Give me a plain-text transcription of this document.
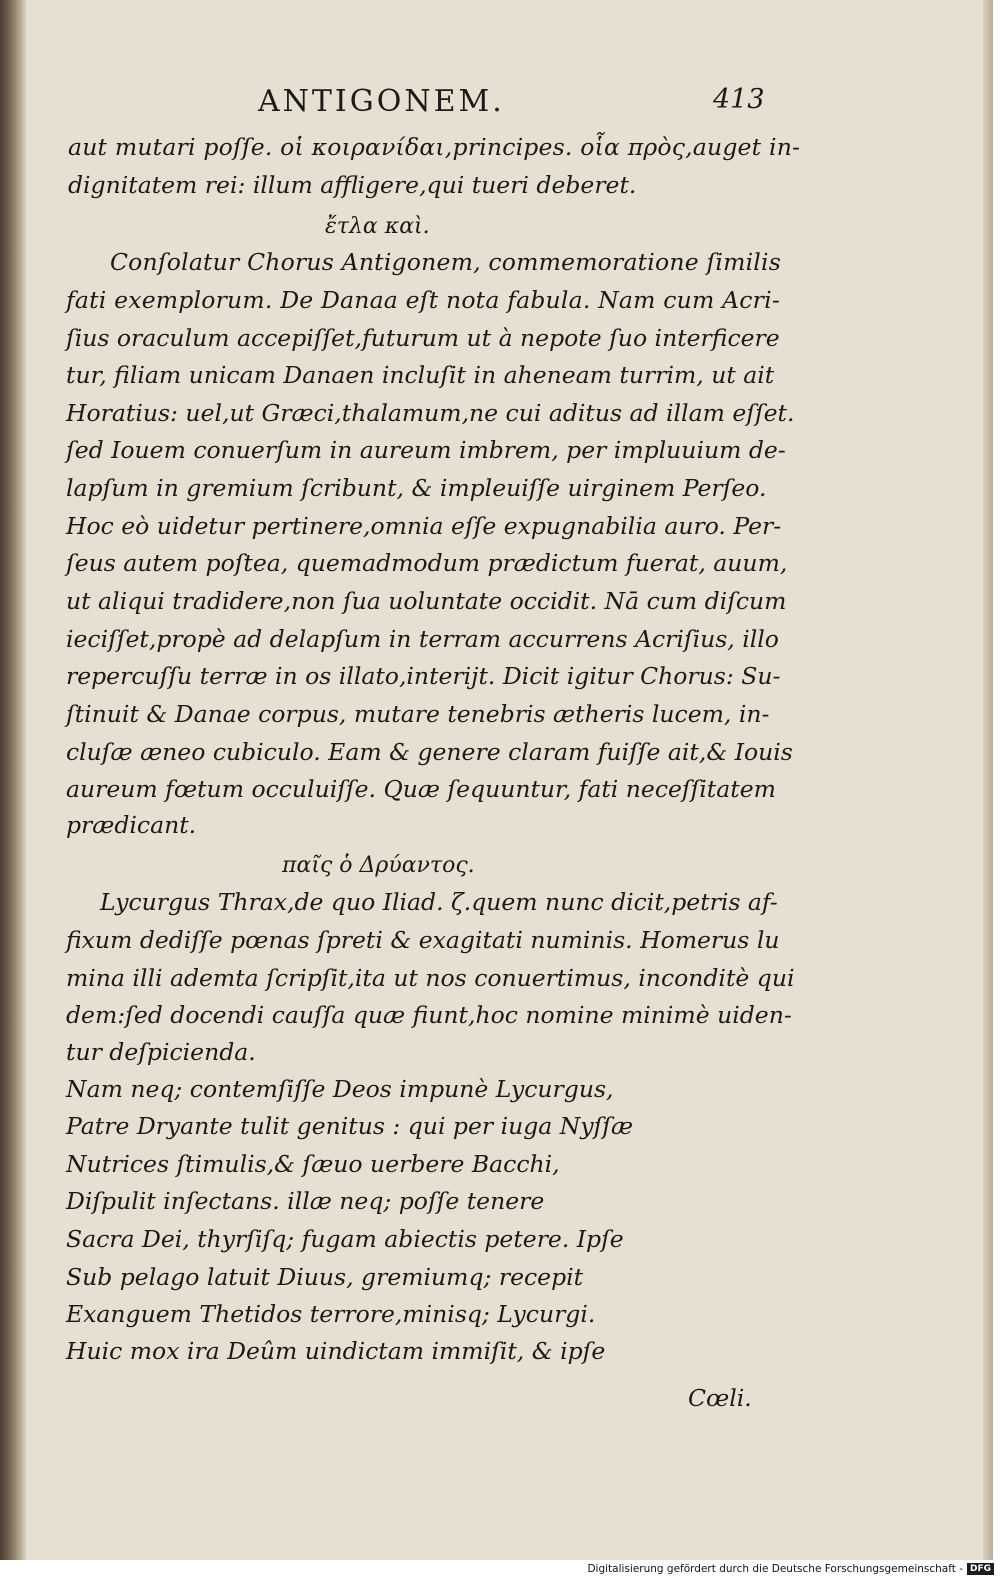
ANTIGONEM.	413
aut mutari poſſe. οἱ κοιρανίδαι,principes. οἷα πρὸς,auget in-
dignitatem rei: illum affligere,qui tueri deberet.
ἔτλα καὶ.
Conſolatur Chorus Antigonem, commemoratione ſimilis
fati exemplorum. De Danaa eſt nota fabula. Nam cum Acri-
ſius oraculum accepiſſet,futurum ut à nepote ſuo interficere
tur, filiam unicam Danaen incluſit in aheneam turrim, ut ait
Horatius: uel,ut Græci,thalamum,ne cui aditus ad illam eſſet.
ſed Iouem conuerſum in aureum imbrem, per impluuium de-
lapſum in gremium ſcribunt, & impleuiſſe uirginem Perſeo.
Hoc eò uidetur pertinere,omnia eſſe expugnabilia auro. Per-
ſeus autem poſtea, quemadmodum prædictum fuerat, auum,
ut aliqui tradidere,non ſua uoluntate occidit. Nā cum diſcum
ieciſſet,propè ad delapſum in terram accurrens Acriſius, illo
repercuſſu terræ in os illato,interijt. Dicit igitur Chorus: Su-
ſtinuit & Danae corpus, mutare tenebris ætheris lucem, in-
cluſæ æneo cubiculo. Eam & genere claram fuiſſe ait,& Iouis
aureum fœtum occuluiſſe. Quæ ſequuntur, fati neceſſitatem
prædicant.
παῖς ὁ Δρύαντος.
Lycurgus Thrax,de quo Iliad. ζ.quem nunc dicit,petris af-
fixum dediſſe pœnas ſpreti & exagitati numinis. Homerus lu
mina illi ademta ſcripſit,ita ut nos conuertimus, inconditè qui
dem:ſed docendi cauſſa quæ fiunt,hoc nomine minimè uiden-
tur deſpicienda.
Nam neq; contemſiſſe Deos impunè Lycurgus,
Patre Dryante tulit genitus : qui per iuga Nyſſæ
Nutrices ſtimulis,& ſæuo uerbere Bacchi,
Diſpulit inſectans. illæ neq; poſſe tenere
Sacra Dei, thyrſiſq; fugam abiectis petere. Ipſe
Sub pelago latuit Diuus, gremiumq; recepit
Exanguem Thetidos terrore,minisq; Lycurgi.
Huic mox ira Deûm uindictam immiſit, & ipſe
Cœli.
Digitalisierung gefördert durch die Deutsche Forschungsgemeinschaft - DFG
